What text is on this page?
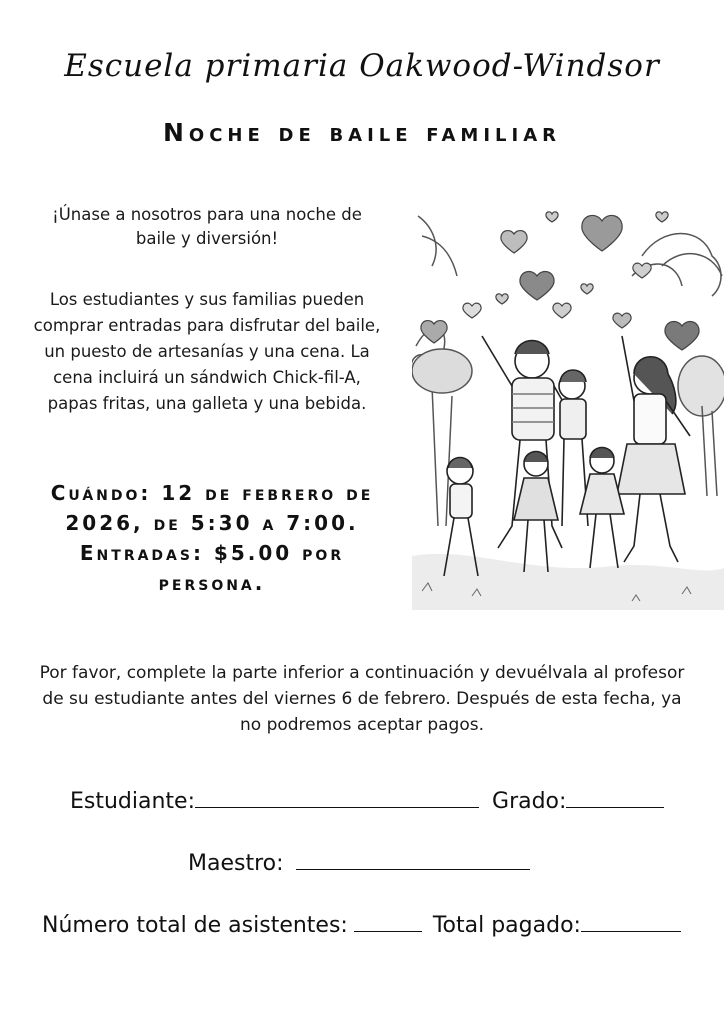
Escuela primaria Oakwood-Windsor
Noche de baile familiar
¡Únase a nosotros para una noche de
baile y diversión!
Los estudiantes y sus familias pueden
comprar entradas para disfrutar del baile,
un puesto de artesanías y una cena. La
cena incluirá un sándwich Chick-fil-A,
papas fritas, una galleta y una bebida.
Cuándo: 12 de febrero de
2026, de 5:30 a 7:00.
Entradas: $5.00 por
persona.
Por favor, complete la parte inferior a continuación y devuélvala al profesor
de su estudiante antes del viernes 6 de febrero. Después de esta fecha, ya
no podremos aceptar pagos.
Estudiante:	Grado:
Maestro:
Número total de asistentes:	Total pagado:
